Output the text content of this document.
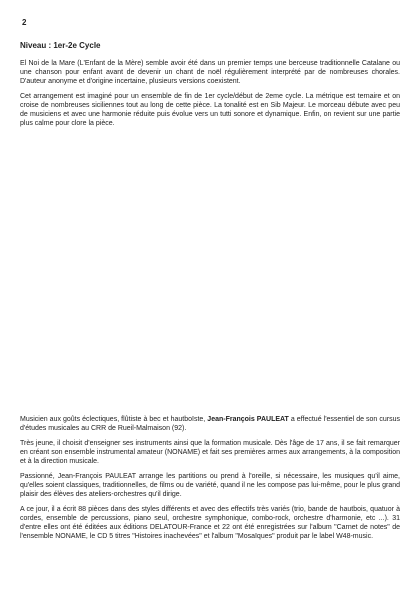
2
Niveau : 1er-2e Cycle

El Noi de la Mare (L'Enfant de la Mère) semble avoir été dans un premier temps une berceuse traditionnelle Catalane ou une chanson pour enfant avant de devenir un chant de noël régulièrement interprété par de nombreuses chorales. D'auteur anonyme et d'origine incertaine, plusieurs versions coexistent.

Cet arrangement est imaginé pour un ensemble de fin de 1er cycle/début de 2eme cycle. La métrique est ternaire et on croise de nombreuses siciliennes tout au long de cette pièce. La tonalité est en Sib Majeur. Le morceau débute avec peu de musiciens et avec une harmonie réduite puis évolue vers un tutti sonore et dynamique. Enfin, on revient sur une partie plus calme pour clore la pièce.

Musicien aux goûts éclectiques, flûtiste à bec et hautboïste, Jean-François PAULEAT a effectué l'essentiel de son cursus d'études musicales au CRR de Rueil-Malmaison (92).

Très jeune, il choisit d'enseigner ses instruments ainsi que la formation musicale. Dès l'âge de 17 ans, il se fait remarquer en créant son ensemble instrumental amateur (NONAME) et fait ses premières armes aux arrangements, à la composition et à la direction musicale.

Passionné, Jean-François PAULEAT arrange les partitions ou prend à l'oreille, si nécessaire, les musiques qu'il aime, qu'elles soient classiques, traditionnelles, de films ou de variété, quand il ne les compose pas lui-même, pour le plus grand plaisir des élèves des ateliers-orchestres qu'il dirige.

A ce jour, il a écrit 88 pièces dans des styles différents et avec des effectifs très variés (trio, bande de hautbois, quatuor à cordes, ensemble de percussions, piano seul, orchestre symphonique, combo-rock, orchestre d'harmonie, etc ...). 31 d'entre elles ont été éditées aux éditions DELATOUR-France et 22 ont été enregistrées sur l'album "Carnet de notes" de l'ensemble NONAME, le CD 5 titres "Histoires inachevées" et l'album "Mosaïques" produit par le label W48-music.
